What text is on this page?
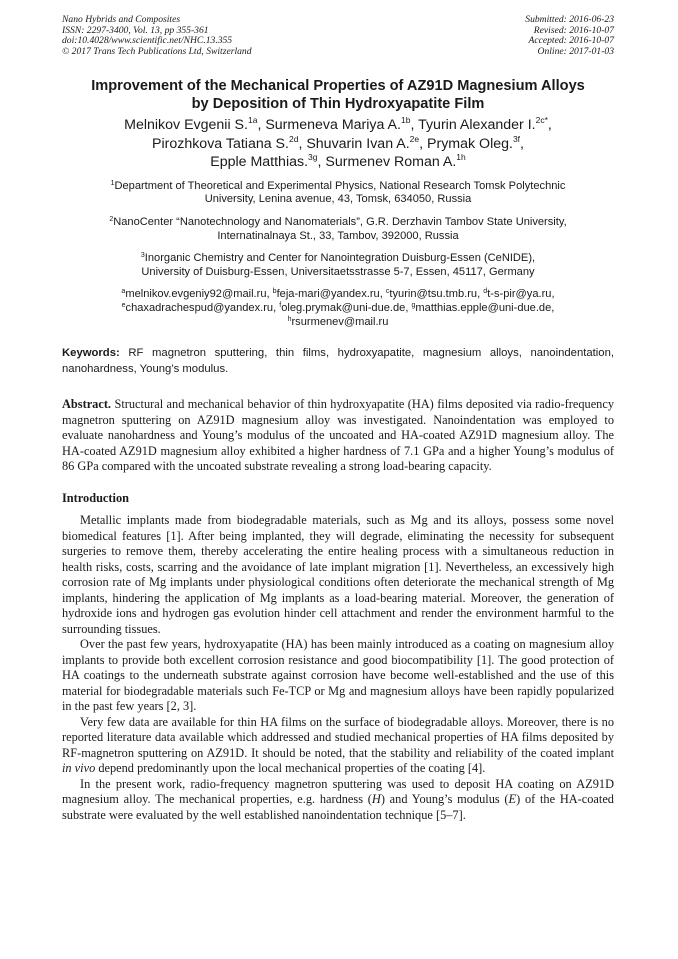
Nano Hybrids and Composites
ISSN: 2297-3400, Vol. 13, pp 355-361
doi:10.4028/www.scientific.net/NHC.13.355
© 2017 Trans Tech Publications Ltd, Switzerland
Submitted: 2016-06-23
Revised: 2016-10-07
Accepted: 2016-10-07
Online: 2017-01-03
Improvement of the Mechanical Properties of AZ91D Magnesium Alloys
by Deposition of Thin Hydroxyapatite Film
Melnikov Evgenii S.$^{1a}$, Surmeneva Mariya A.$^{1b}$, Tyurin Alexander I.$^{2c*}$,
Pirozhkova Tatiana S.$^{2d}$, Shuvarin Ivan A.$^{2e}$, Prymak Oleg.$^{3f}$,
Epple Matthias.$^{3g}$, Surmenev Roman A.$^{1h}$
$^1$Department of Theoretical and Experimental Physics, National Research Tomsk Polytechnic
University, Lenina avenue, 43, Tomsk, 634050, Russia
$^2$NanoCenter “Nanotechnology and Nanomaterials”, G.R. Derzhavin Tambov State University,
Internatinalnaya St., 33, Tambov, 392000, Russia
$^3$Inorganic Chemistry and Center for Nanointegration Duisburg-Essen (CeNIDE),
University of Duisburg-Essen, Universitaetsstrasse 5-7, Essen, 45117, Germany
$^a$melnikov.evgeniy92@mail.ru, $^b$feja-mari@yandex.ru, $^c$tyurin@tsu.tmb.ru, $^d$t-s-pir@ya.ru,
$^e$chaxadrachespud@yandex.ru, $^f$oleg.prymak@uni-due.de, $^g$matthias.epple@uni-due.de,
$^h$rsurmenev@mail.ru
Keywords: RF magnetron sputtering, thin films, hydroxyapatite, magnesium alloys, nanoindentation, nanohardness, Young’s modulus.
Abstract. Structural and mechanical behavior of thin hydroxyapatite (HA) films deposited via radio-frequency magnetron sputtering on AZ91D magnesium alloy was investigated. Nanoindentation was employed to evaluate nanohardness and Young’s modulus of the uncoated and HA-coated AZ91D magnesium alloy. The HA-coated AZ91D magnesium alloy exhibited a higher hardness of 7.1 GPa and a higher Young’s modulus of 86 GPa compared with the uncoated substrate revealing a strong load-bearing capacity.
Introduction
Metallic implants made from biodegradable materials, such as Mg and its alloys, possess some novel biomedical features [1]. After being implanted, they will degrade, eliminating the necessity for subsequent surgeries to remove them, thereby accelerating the entire healing process with a simultaneous reduction in health risks, costs, scarring and the avoidance of late implant migration [1]. Nevertheless, an excessively high corrosion rate of Mg implants under physiological conditions often deteriorate the mechanical strength of Mg implants, hindering the application of Mg implants as a load-bearing material. Moreover, the generation of hydroxide ions and hydrogen gas evolution hinder cell attachment and render the environment harmful to the surrounding tissues.
Over the past few years, hydroxyapatite (HA) has been mainly introduced as a coating on magnesium alloy implants to provide both excellent corrosion resistance and good biocompatibility [1]. The good protection of HA coatings to the underneath substrate against corrosion have become well-established and the use of this material for biodegradable materials such Fe-TCP or Mg and magnesium alloys have been rapidly popularized in the past few years [2, 3].
Very few data are available for thin HA films on the surface of biodegradable alloys. Moreover, there is no reported literature data available which addressed and studied mechanical properties of HA films deposited by RF-magnetron sputtering on AZ91D. It should be noted, that the stability and reliability of the coated implant in vivo depend predominantly upon the local mechanical properties of the coating [4].
In the present work, radio-frequency magnetron sputtering was used to deposit HA coating on AZ91D magnesium alloy. The mechanical properties, e.g. hardness (H) and Young’s modulus (E) of the HA-coated substrate were evaluated by the well established nanoindentation technique [5–7].
